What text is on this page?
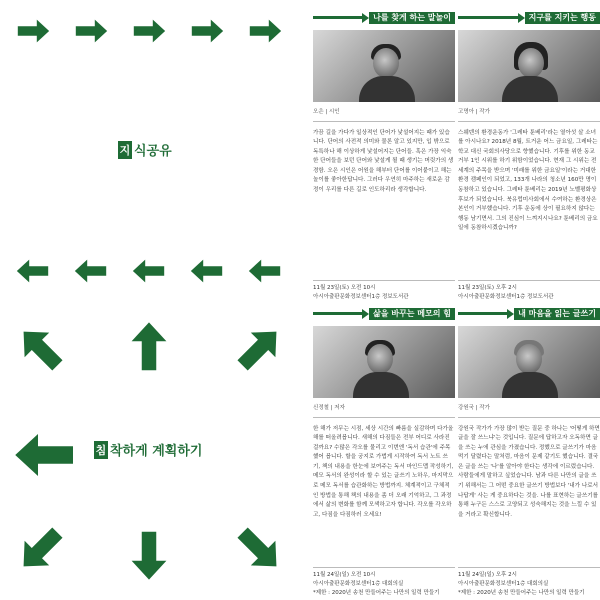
지 식공유
침 착하게 계획하기
나를 찾게 하는 말놀이
오은 | 시인
가끔 길을 가다가 일상적인 단어가 낯설어지는 때가 있습니다. 단어의 사전적 의미와 물론 알고 있지만, 입 밖으로 독특하나 해 이상하게 낯설어지는 단어들. 혹은 가장 익숙한 단어들을 보던 단어와 낯설게 될 때 생기는 머릿가의 생경함. 오은 시인은 어원을 해부터 단어를 이어붙이고 해는 놀이를 좋아한답니다. 그러다 우연히 마주하는 새로운 감정이 우리를 다른 길로 인도하리라 생각합니다.
11월 23일(토) 오전 10시
아시아출판문화정보센터1층 정보도서관
지구를 지키는 행동
고명아 | 작가
스웨덴의 환경운동가 '그레타 툰베리'라는 열아섯 살 소녀를 아시나요? 2018년 8월, 트거운 어느 금요일, 그레타는 학교 대신 국회의사당으로 향했습니다. 기후를 위한 동교 거부 1인 시위를 하기 위함이었습니다. 현재 그 시위는 전 세계의 주목을 받으며 '미래를 위한 금요일'이라는 거대한 환경 캠페인이 되었고, 133개 나라의 청소년 160만 명이 동참하고 있습니다. 그레타 툰베리는 2019년 노벨평화상 후보가 되었습니다. 북유럽미사회에서 수여하는 환경상은 본인이 거부했습니다. 기후 운동에 상이 필요하지 않다는 행동 남기면서. 그의 진심이 느껴지시나요? 툰베리의 금요일에 동참하시겠습니까?
11월 23일(토) 오후 2시
아시아출판문화정보센터1층 정보도서관
삶을 바꾸는 메모의 힘
신정철 | 저자
한 해가 저무는 시점, 세상 시간의 빠름을 실감하며 다가올 해를 떠올려봅니다. 새해의 다짐들은 전부 어디로 사라진 걸까요? 수많은 각오를 물리고 이번엔 '독서 습관'에 주목했어 봅니다. 할을 궁지로 가법게 시작하여 독서 노트 쓰기, 책의 내용을 한눈에 보여주는 독서 마인드맵 작성하기, 메모 독서의 완성이라 할 수 있는 글쓰기 노하우, 마지막으로 메모 독서를 습관화하는 방법까지. 체계적이고 구체적인 방법을 통해 책의 내용을 좀 더 오래 기억하고, 그 과정에서 삶의 변화를 함께 모색하고자 합니다. 각오를 각오하고, 다짐을 다짐하러 오세요!
11월 24일(일) 오전 10시
아시아출판문화정보센터1층 대회의실
*제한 : 2020년 송천 만들어주는 나만의 일력 만들기
내 마음을 읽는 글쓰기
강원국 | 작가
강원국 작가가 가장 많이 받는 질문 중 하나는 '어떻게 하면 글을 잘 쓰느냐'는 것입니다. 질문에 답하고자 오독하면 글을 쓰는 누에 관심을 가졌습니다. 정했으로 글쓰기가 마음먹기 달렸다는 말처럼, 마음이 문제 같기도 했습니다. 결국은 글을 쓰는 '나'를 알아야 한다는 생각에 이르렀습니다. 사람들에게 말하고 싶었습니다. 남과 다른 나만의 글을 쓰기 위해서는 그 어떤 중요한 글쓰기 방법보다 '내가 나로서 나답게' 사는 게 중요하다는 것을. 나를 표현하는 글쓰기를 통해 누구든 스스로 고양되고 성숙해지는 것을 느낄 수 있을 거라고 확신합니다.
11월 24일(일) 오후 2시
아시아출판문화정보센터1층 대회의실
*제한 : 2020년 송천 만들어주는 나만의 일력 만들기
